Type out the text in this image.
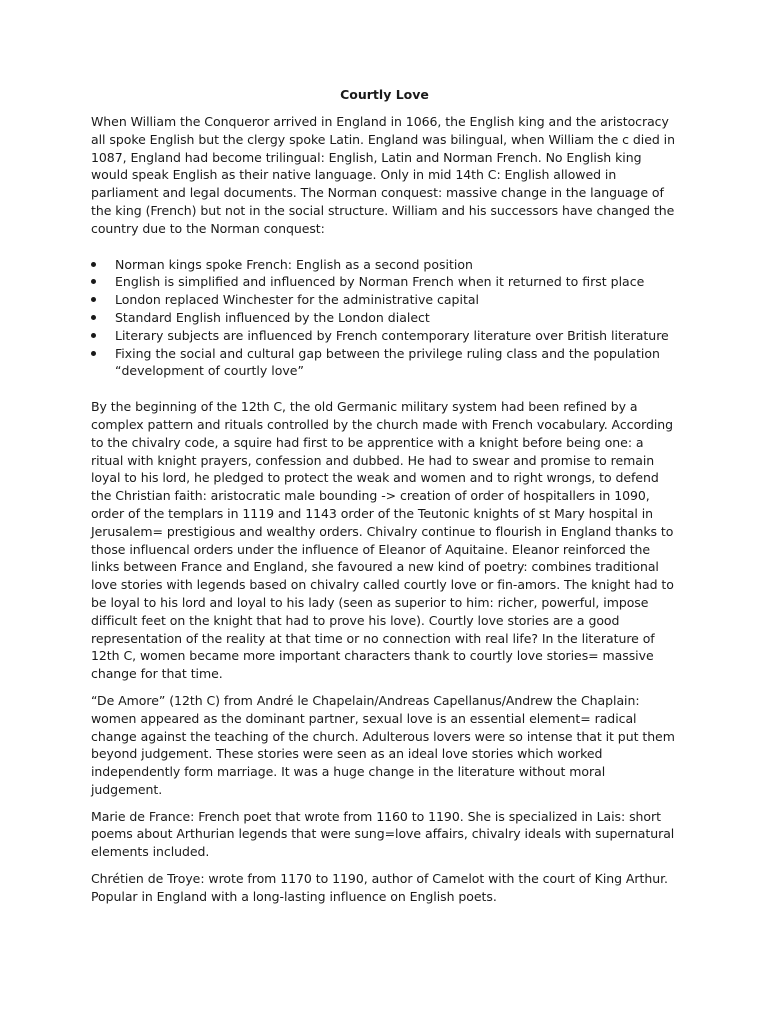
Courtly Love

When William the Conqueror arrived in England in 1066, the English king and the aristocracy all spoke English but the clergy spoke Latin. England was bilingual, when William the c died in 1087, England had become trilingual: English, Latin and Norman French. No English king would speak English as their native language. Only in mid 14th C: English allowed in parliament and legal documents. The Norman conquest: massive change in the language of the king (French) but not in the social structure. William and his successors have changed the country due to the Norman conquest:

Norman kings spoke French: English as a second position
English is simplified and influenced by Norman French when it returned to first place
London replaced Winchester for the administrative capital
Standard English influenced by the London dialect
Literary subjects are influenced by French contemporary literature over British literature
Fixing the social and cultural gap between the privilege ruling class and the population “development of courtly love”

By the beginning of the 12th C, the old Germanic military system had been refined by a complex pattern and rituals controlled by the church made with French vocabulary. According to the chivalry code, a squire had first to be apprentice with a knight before being one: a ritual with knight prayers, confession and dubbed. He had to swear and promise to remain loyal to his lord, he pledged to protect the weak and women and to right wrongs, to defend the Christian faith: aristocratic male bounding -> creation of order of hospitallers in 1090, order of the templars in 1119 and 1143 order of the Teutonic knights of st Mary hospital in Jerusalem= prestigious and wealthy orders. Chivalry continue to flourish in England thanks to those influencal orders under the influence of Eleanor of Aquitaine. Eleanor reinforced the links between France and England, she favoured a new kind of poetry: combines traditional love stories with legends based on chivalry called courtly love or fin-amors. The knight had to be loyal to his lord and loyal to his lady (seen as superior to him: richer, powerful, impose difficult feet on the knight that had to prove his love). Courtly love stories are a good representation of the reality at that time or no connection with real life? In the literature of 12th C, women became more important characters thank to courtly love stories= massive change for that time.

“De Amore” (12th C) from André le Chapelain/Andreas Capellanus/Andrew the Chaplain: women appeared as the dominant partner, sexual love is an essential element= radical change against the teaching of the church. Adulterous lovers were so intense that it put them beyond judgement. These stories were seen as an ideal love stories which worked independently form marriage. It was a huge change in the literature without moral judgement.

Marie de France: French poet that wrote from 1160 to 1190. She is specialized in Lais: short poems about Arthurian legends that were sung=love affairs, chivalry ideals with supernatural elements included.

Chrétien de Troye: wrote from 1170 to 1190, author of Camelot with the court of King Arthur. Popular in England with a long-lasting influence on English poets.
